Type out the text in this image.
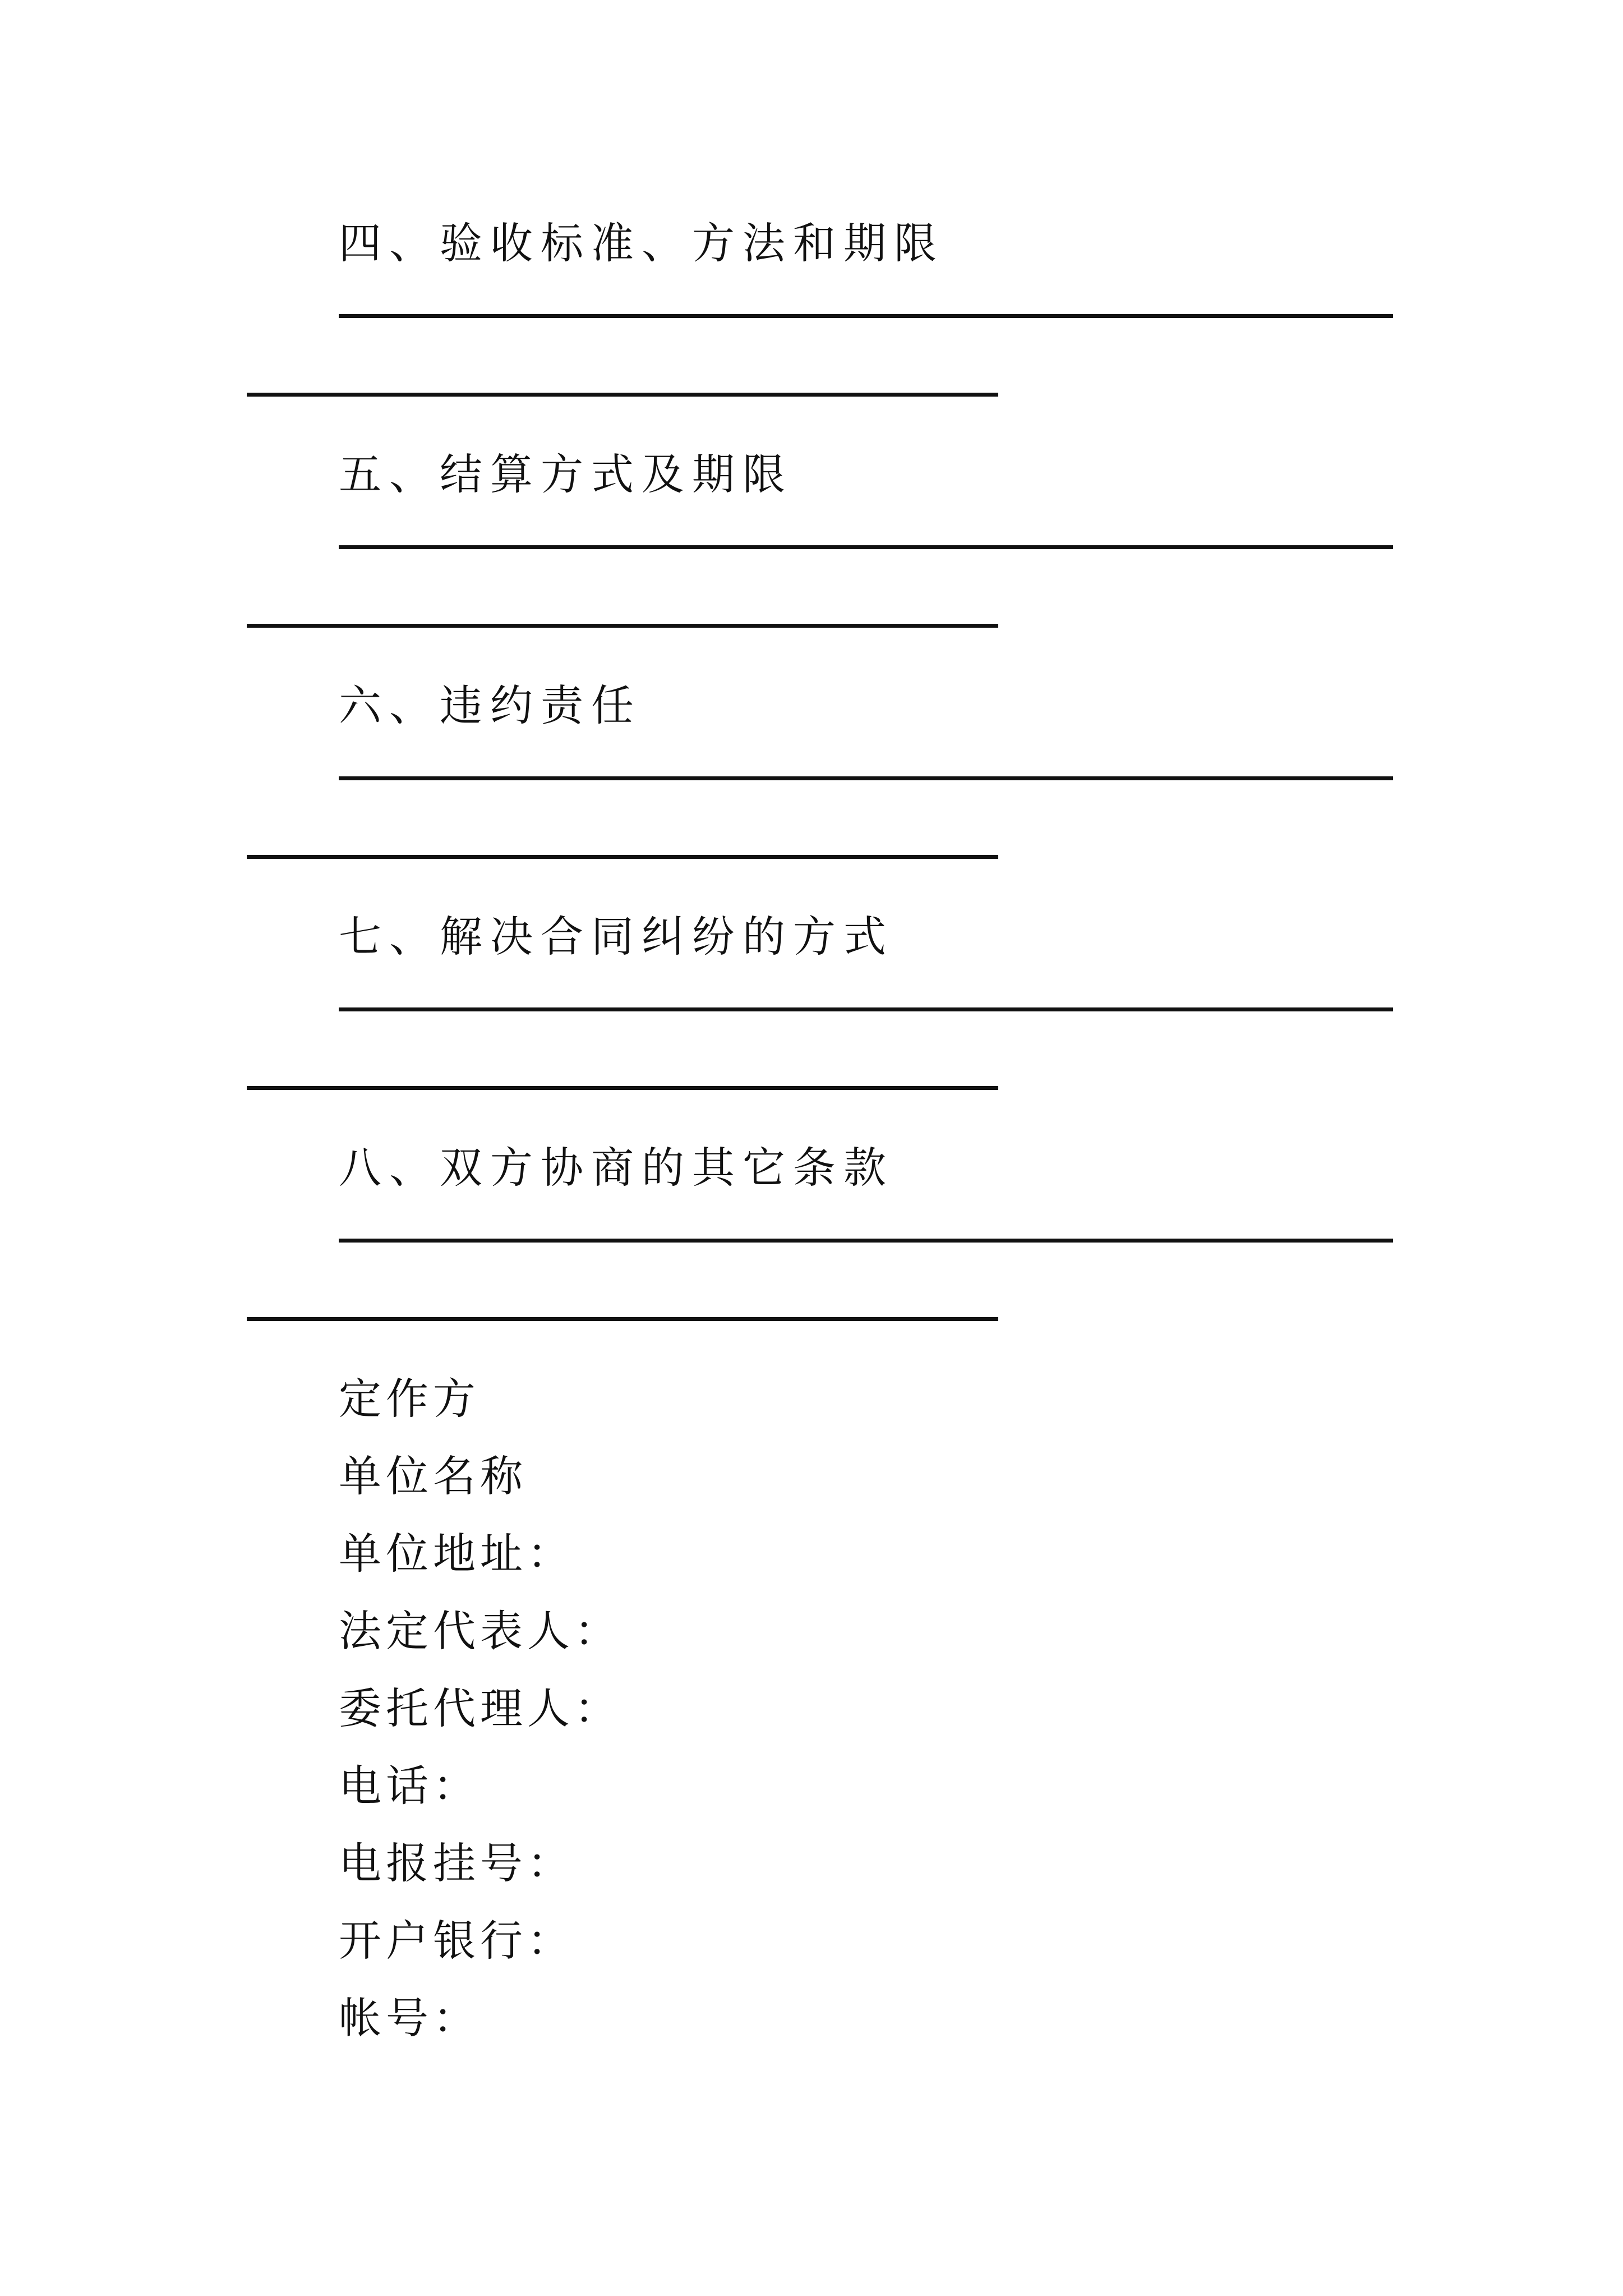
四、验收标准、方法和期限
五、结算方式及期限
六、违约责任
七、解决合同纠纷的方式
八、双方协商的其它条款
定作方
单位名称
单位地址：
法定代表人：
委托代理人：
电话：
电报挂号：
开户银行：
帐号：
